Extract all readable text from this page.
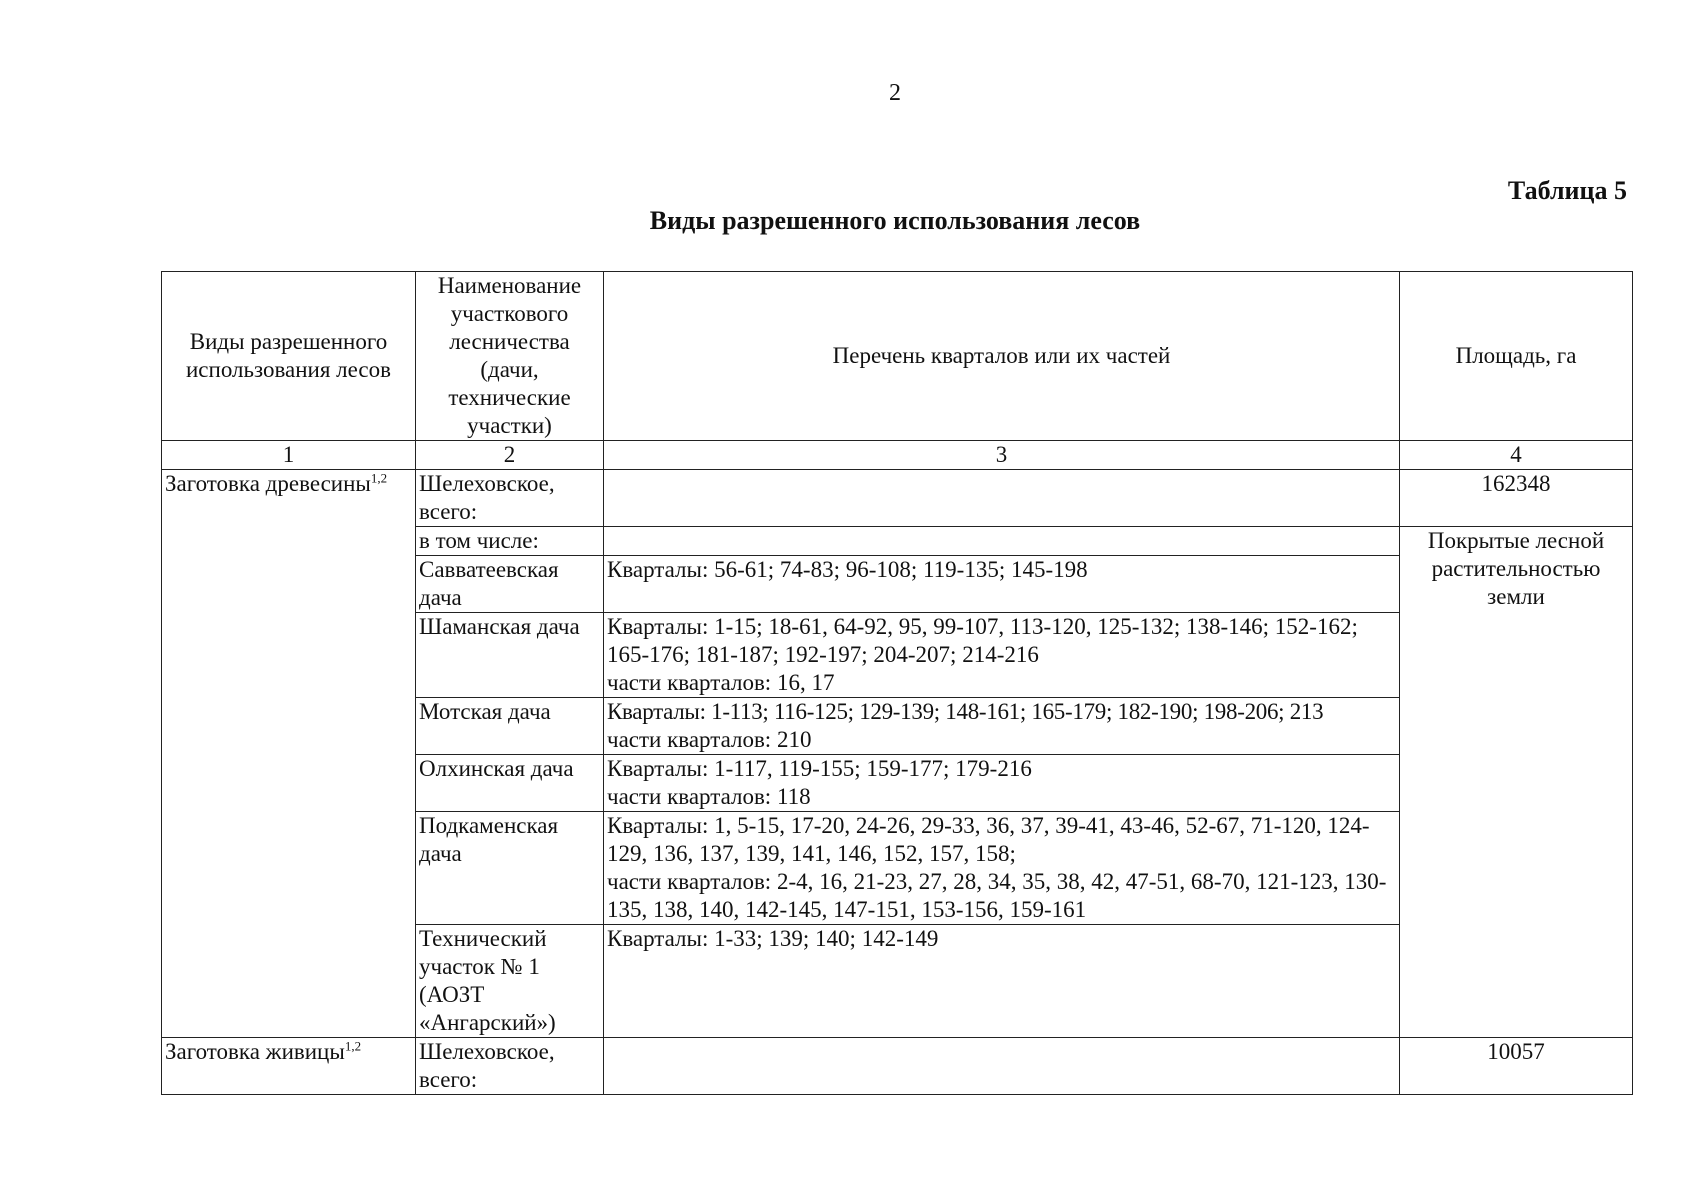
2
Таблица 5
Виды разрешенного использования лесов
Виды разрешенного использования лесов	Наименование участкового лесничества (дачи, технические участки)	Перечень кварталов или их частей	Площадь, га
1	2	3	4
Заготовка древесины$^{1,2}$	Шелеховское, всего:		162348
	в том числе:		Покрытые лесной растительностью земли
	Савватеевская дача	Кварталы: 56-61; 74-83; 96-108; 119-135; 145-198	

	Шаманская дача	Кварталы: 1-15; 18-61, 64-92, 95, 99-107, 113-120, 125-132; 138-146; 152-162; 165-176; 181-187; 192-197; 204-207; 214-216
части кварталов: 16, 17	

	Мотская дача	Кварталы: 1-113; 116-125; 129-139; 148-161; 165-179; 182-190; 198-206; 213
части кварталов: 210	

	Олхинская дача	Кварталы: 1-117, 119-155; 159-177; 179-216
части кварталов: 118	

	Подкаменская дача	Кварталы: 1, 5-15, 17-20, 24-26, 29-33, 36, 37, 39-41, 43-46, 52-67, 71-120, 124-129, 136, 137, 139, 141, 146, 152, 157, 158;
части кварталов: 2-4, 16, 21-23, 27, 28, 34, 35, 38, 42, 47-51, 68-70, 121-123, 130-135, 138, 140, 142-145, 147-151, 153-156, 159-161	

	Технический участок № 1 (АОЗТ «Ангарский»)	Кварталы: 1-33; 139; 140; 142-149	

Заготовка живицы$^{1,2}$	Шелеховское, всего:		10057
